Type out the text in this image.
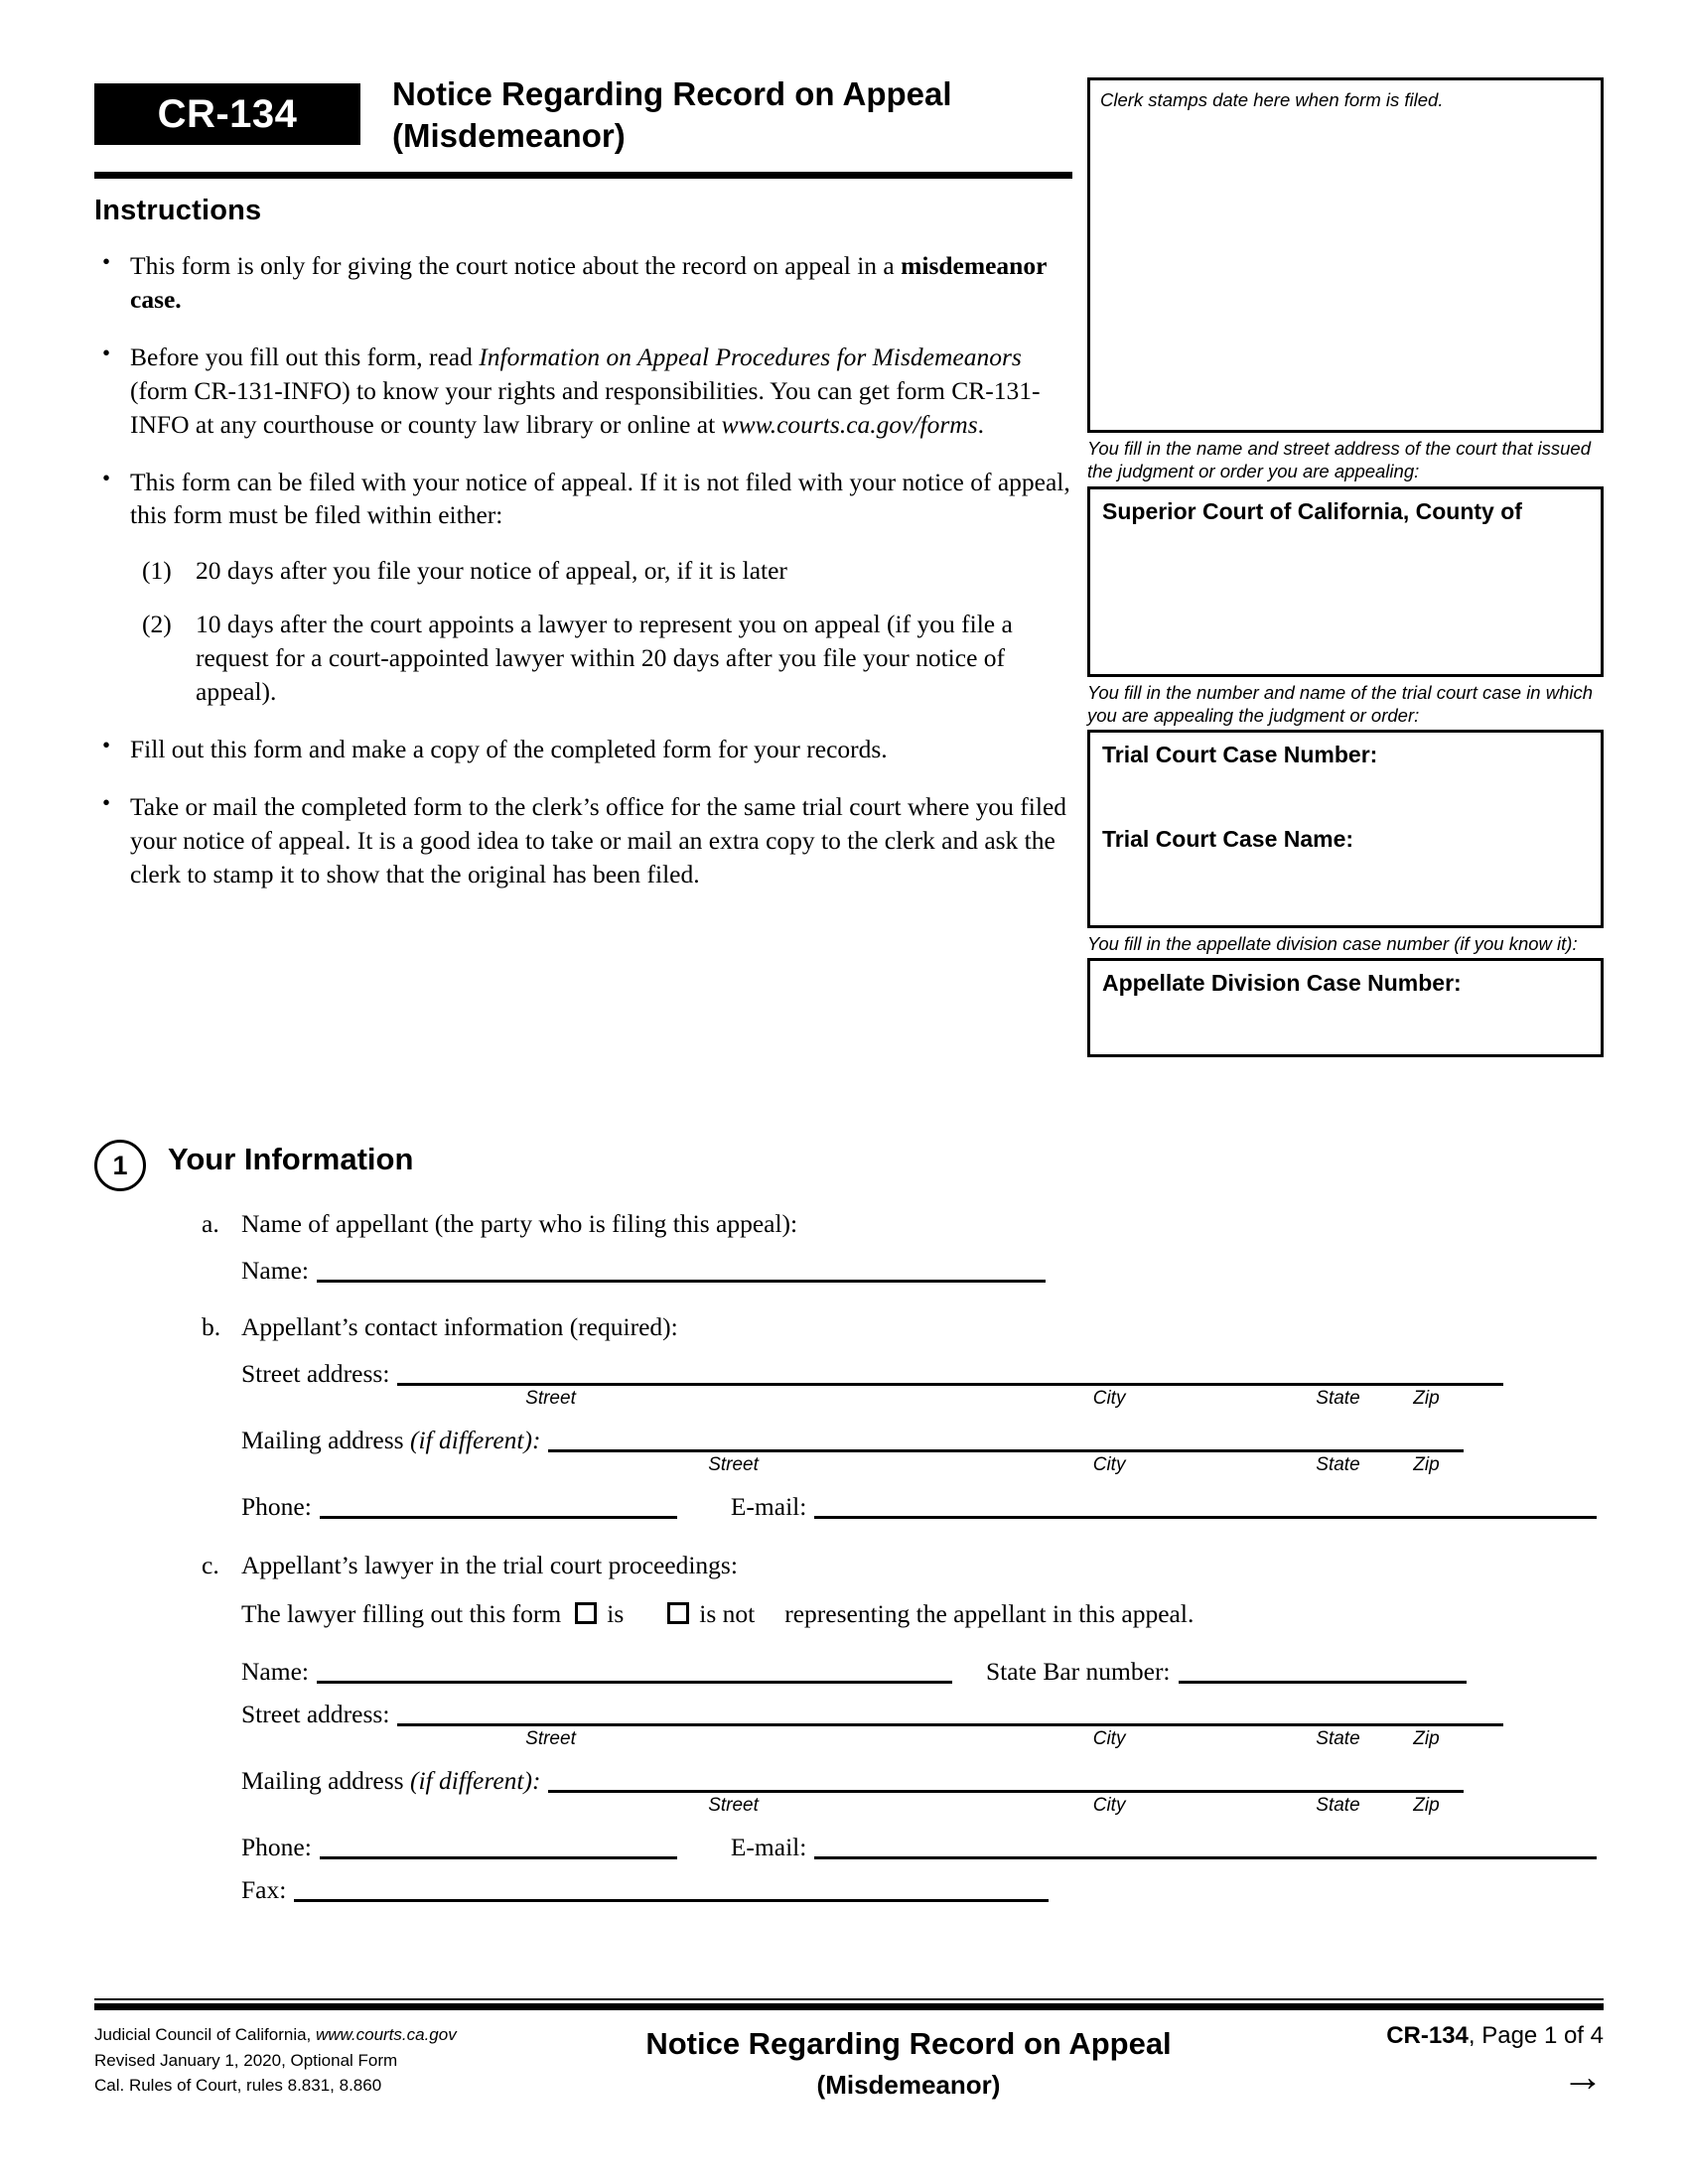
CR-134	Notice Regarding Record on Appeal
(Misdemeanor)
Instructions
• This form is only for giving the court notice about the record on appeal in a misdemeanor case.
• Before you fill out this form, read Information on Appeal Procedures for Misdemeanors (form CR-131-INFO) to know your rights and responsibilities. You can get form CR-131-INFO at any courthouse or county law library or online at www.courts.ca.gov/forms.
• This form can be filed with your notice of appeal. If it is not filed with your notice of appeal, this form must be filed within either:
(1) 20 days after you file your notice of appeal, or, if it is later
(2) 10 days after the court appoints a lawyer to represent you on appeal (if you file a request for a court-appointed lawyer within 20 days after you file your notice of appeal).
• Fill out this form and make a copy of the completed form for your records.
• Take or mail the completed form to the clerk’s office for the same trial court where you filed your notice of appeal. It is a good idea to take or mail an extra copy to the clerk and ask the clerk to stamp it to show that the original has been filed.
Clerk stamps date here when form is filed.
You fill in the name and street address of the court that issued the judgment or order you are appealing:
Superior Court of California, County of
You fill in the number and name of the trial court case in which you are appealing the judgment or order:
Trial Court Case Number:
Trial Court Case Name:
You fill in the appellate division case number (if you know it):
Appellate Division Case Number:
1	Your Information
a. Name of appellant (the party who is filing this appeal):
Name:
b. Appellant’s contact information (required):
Street address:
Street	City	State	Zip
Mailing address (if different):
Street	City	State	Zip
Phone:	E-mail:
c. Appellant’s lawyer in the trial court proceedings:
The lawyer filling out this form is	is not representing the appellant in this appeal.
Name:	State Bar number:
Street address:
Street	City	State	Zip
Mailing address (if different):
Street	City	State	Zip
Phone:	E-mail:
Fax:
Judicial Council of California, www.courts.ca.gov
Revised January 1, 2020, Optional Form
Cal. Rules of Court, rules 8.831, 8.860
Notice Regarding Record on Appeal
(Misdemeanor)
CR-134, Page 1 of 4
→
